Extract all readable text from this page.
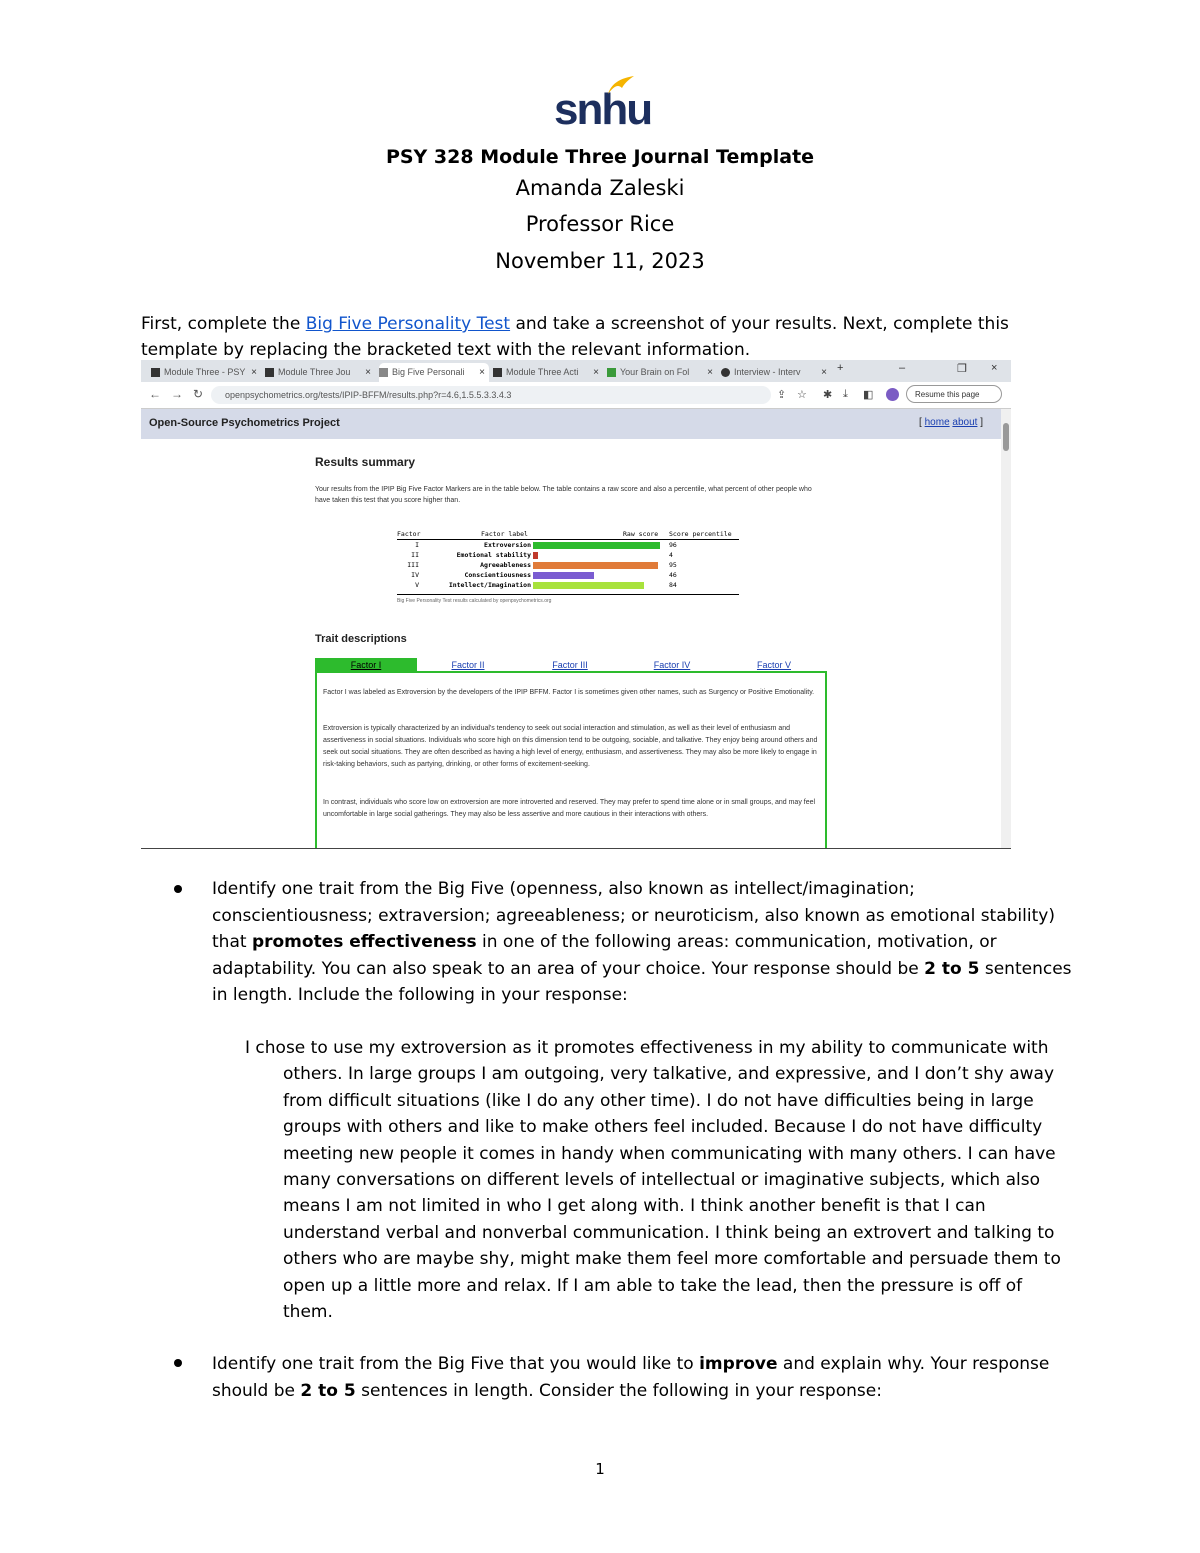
snhu
PSY 328 Module Three Journal Template
Amanda Zaleski
Professor Rice
November 11, 2023
First, complete the Big Five Personality Test and take a screenshot of your results. Next, complete this template by replacing the bracketed text with the relevant information.
Module Three - PSY ×	Module Three Jou ×	Big Five Personali ×	Module Three Acti ×	Your Brain on Fol ×	Interview - Interv × +	–	❐ ×
← → ↻	openpsychometrics.org/tests/IPIP-BFFM/results.php?r=4.6,1.5.5.3.3.4.3	⇪ ☆ ✱ ⤓ ◧	Resume this page
Open-Source Psychometrics Project	[ home about ]
Results summary
Your results from the IPIP Big Five Factor Markers are in the table below. The table contains a raw score and also a percentile, what percent of other people who have taken this test that you score higher than.
Factor	Factor label	Raw score Score percentile
I	Extroversion	96
II	Emotional stability	4
III	Agreeableness	95
IV	Conscientiousness	46
V	Intellect/Imagination	84
Big Five Personality Test results calculated by openpsychometrics.org
Trait descriptions
Factor I	Factor II	Factor III	Factor IV	Factor V
Factor I was labeled as Extroversion by the developers of the IPIP BFFM. Factor I is sometimes given other names, such as Surgency or Positive Emotionality.
Extroversion is typically characterized by an individual's tendency to seek out social interaction and stimulation, as well as their level of enthusiasm and assertiveness in social situations. Individuals who score high on this dimension tend to be outgoing, sociable, and talkative. They enjoy being around others and seek out social situations. They are often described as having a high level of energy, enthusiasm, and assertiveness. They may also be more likely to engage in risk-taking behaviors, such as partying, drinking, or other forms of excitement-seeking.
In contrast, individuals who score low on extroversion are more introverted and reserved. They may prefer to spend time alone or in small groups, and may feel uncomfortable in large social gatherings. They may also be less assertive and more cautious in their interactions with others.
Identify one trait from the Big Five (openness, also known as intellect/imagination; conscientiousness; extraversion; agreeableness; or neuroticism, also known as emotional stability) that promotes effectiveness in one of the following areas: communication, motivation, or adaptability. You can also speak to an area of your choice. Your response should be 2 to 5 sentences in length. Include the following in your response:
I chose to use my extroversion as it promotes effectiveness in my ability to communicate with others. In large groups I am outgoing, very talkative, and expressive, and I don’t shy away from difficult situations (like I do any other time). I do not have difficulties being in large groups with others and like to make others feel included. Because I do not have difficulty meeting new people it comes in handy when communicating with many others. I can have many conversations on different levels of intellectual or imaginative subjects, which also means I am not limited in who I get along with. I think another benefit is that I can understand verbal and nonverbal communication. I think being an extrovert and talking to others who are maybe shy, might make them feel more comfortable and persuade them to open up a little more and relax. If I am able to take the lead, then the pressure is off of them.
Identify one trait from the Big Five that you would like to improve and explain why. Your response should be 2 to 5 sentences in length. Consider the following in your response:
1
